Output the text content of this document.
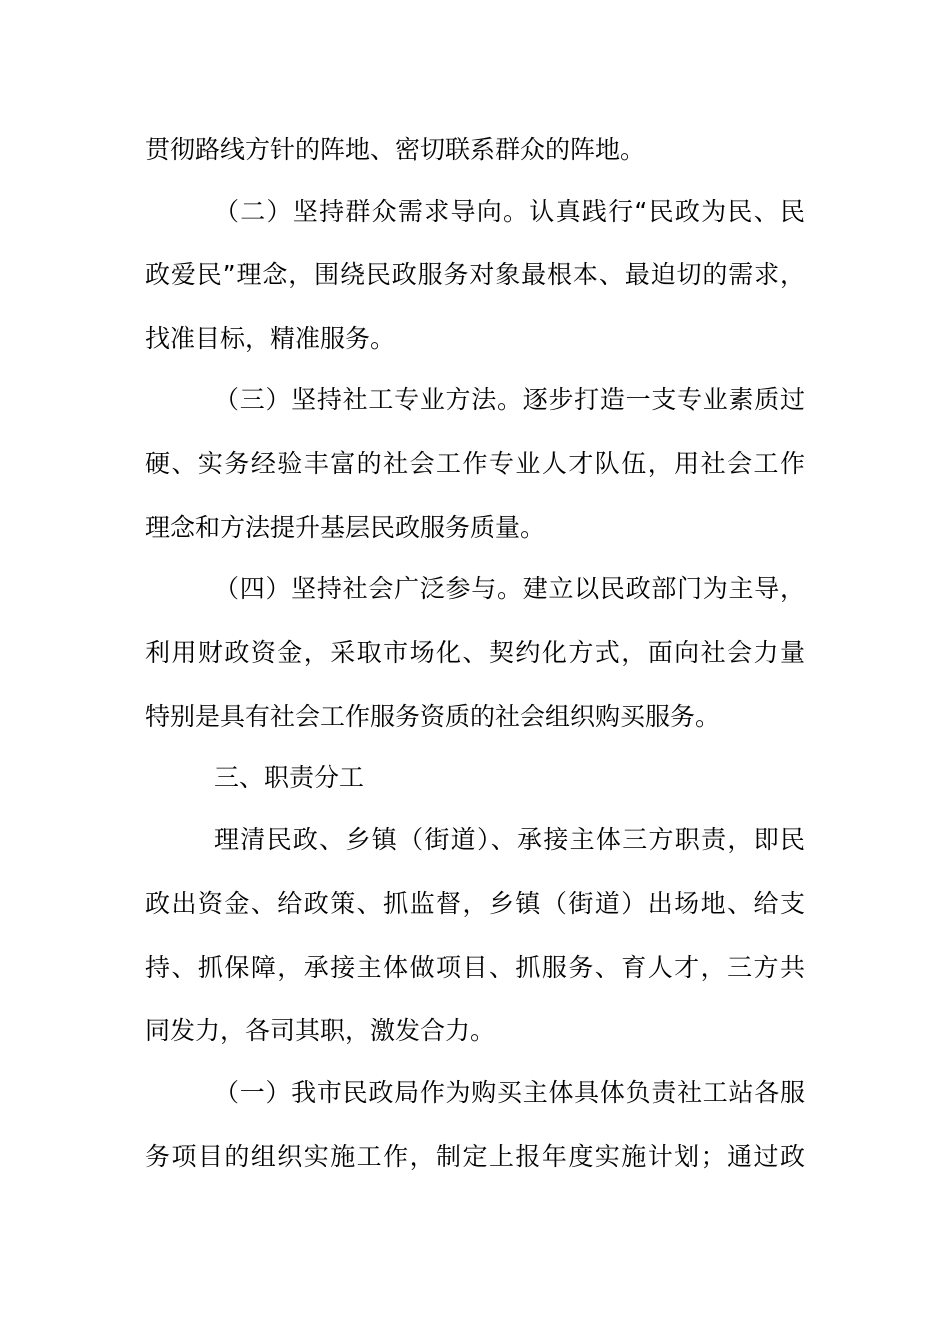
贯彻路线方针的阵地、密切联系群众的阵地。
（二）坚持群众需求导向。认真践行“民政为民、民
政爱民”理念，围绕民政服务对象最根本、最迫切的需求，
找准目标，精准服务。
（三）坚持社工专业方法。逐步打造一支专业素质过
硬、实务经验丰富的社会工作专业人才队伍，用社会工作
理念和方法提升基层民政服务质量。
（四）坚持社会广泛参与。建立以民政部门为主导，
利用财政资金，采取市场化、契约化方式，面向社会力量
特别是具有社会工作服务资质的社会组织购买服务。
三、职责分工
理清民政、乡镇（街道）、承接主体三方职责，即民
政出资金、给政策、抓监督，乡镇（街道）出场地、给支
持、抓保障，承接主体做项目、抓服务、育人才，三方共
同发力，各司其职，激发合力。
（一）我市民政局作为购买主体具体负责社工站各服
务项目的组织实施工作，制定上报年度实施计划；通过政
